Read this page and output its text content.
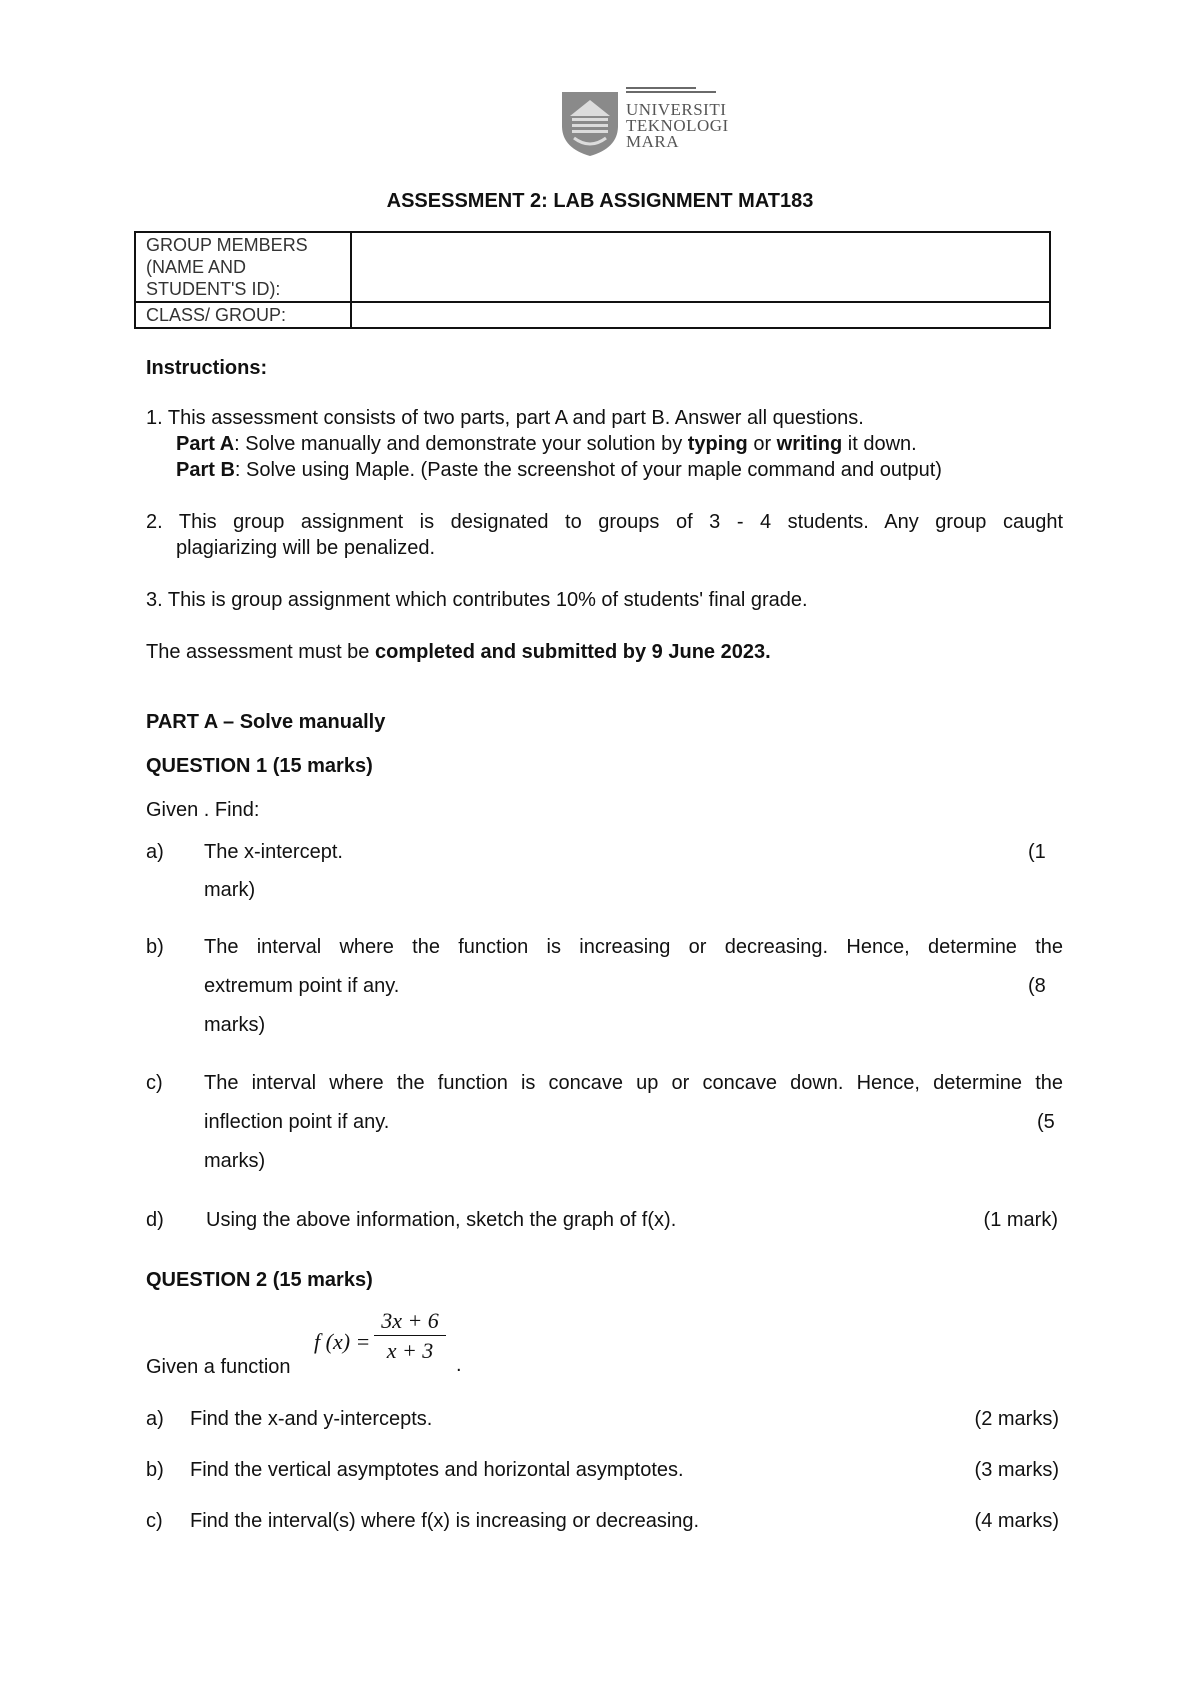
UNIVERSITI
TEKNOLOGI
MARA
ASSESSMENT 2: LAB ASSIGNMENT MAT183
GROUP MEMBERS (NAME AND STUDENT'S ID):	
CLASS/ GROUP:	
Instructions:
1. This assessment consists of two parts, part A and part B. Answer all questions.
Part A: Solve manually and demonstrate your solution by typing or writing it down.
Part B: Solve using Maple. (Paste the screenshot of your maple command and output)
2. This group assignment is designated to groups of 3 - 4 students. Any group caught
plagiarizing will be penalized.
3. This is group assignment which contributes 10% of students' final grade.
The assessment must be completed and submitted by 9 June 2023.
PART A – Solve manually
QUESTION 1 (15 marks)
Given . Find:
a) The x-intercept.	(1
mark)
b) The interval where the function is increasing or decreasing. Hence, determine the
extremum point if any.	(8
marks)
c) The interval where the function is concave up or concave down. Hence, determine the
inflection point if any.	(5
marks)
d) Using the above information, sketch the graph of f(x).	(1 mark)
QUESTION 2 (15 marks)
f (x) =
3x + 6
x + 3
Given a function	.
a) Find the x-and y-intercepts.	(2 marks)
b) Find the vertical asymptotes and horizontal asymptotes.	(3 marks)
c) Find the interval(s) where f(x) is increasing or decreasing.	(4 marks)
